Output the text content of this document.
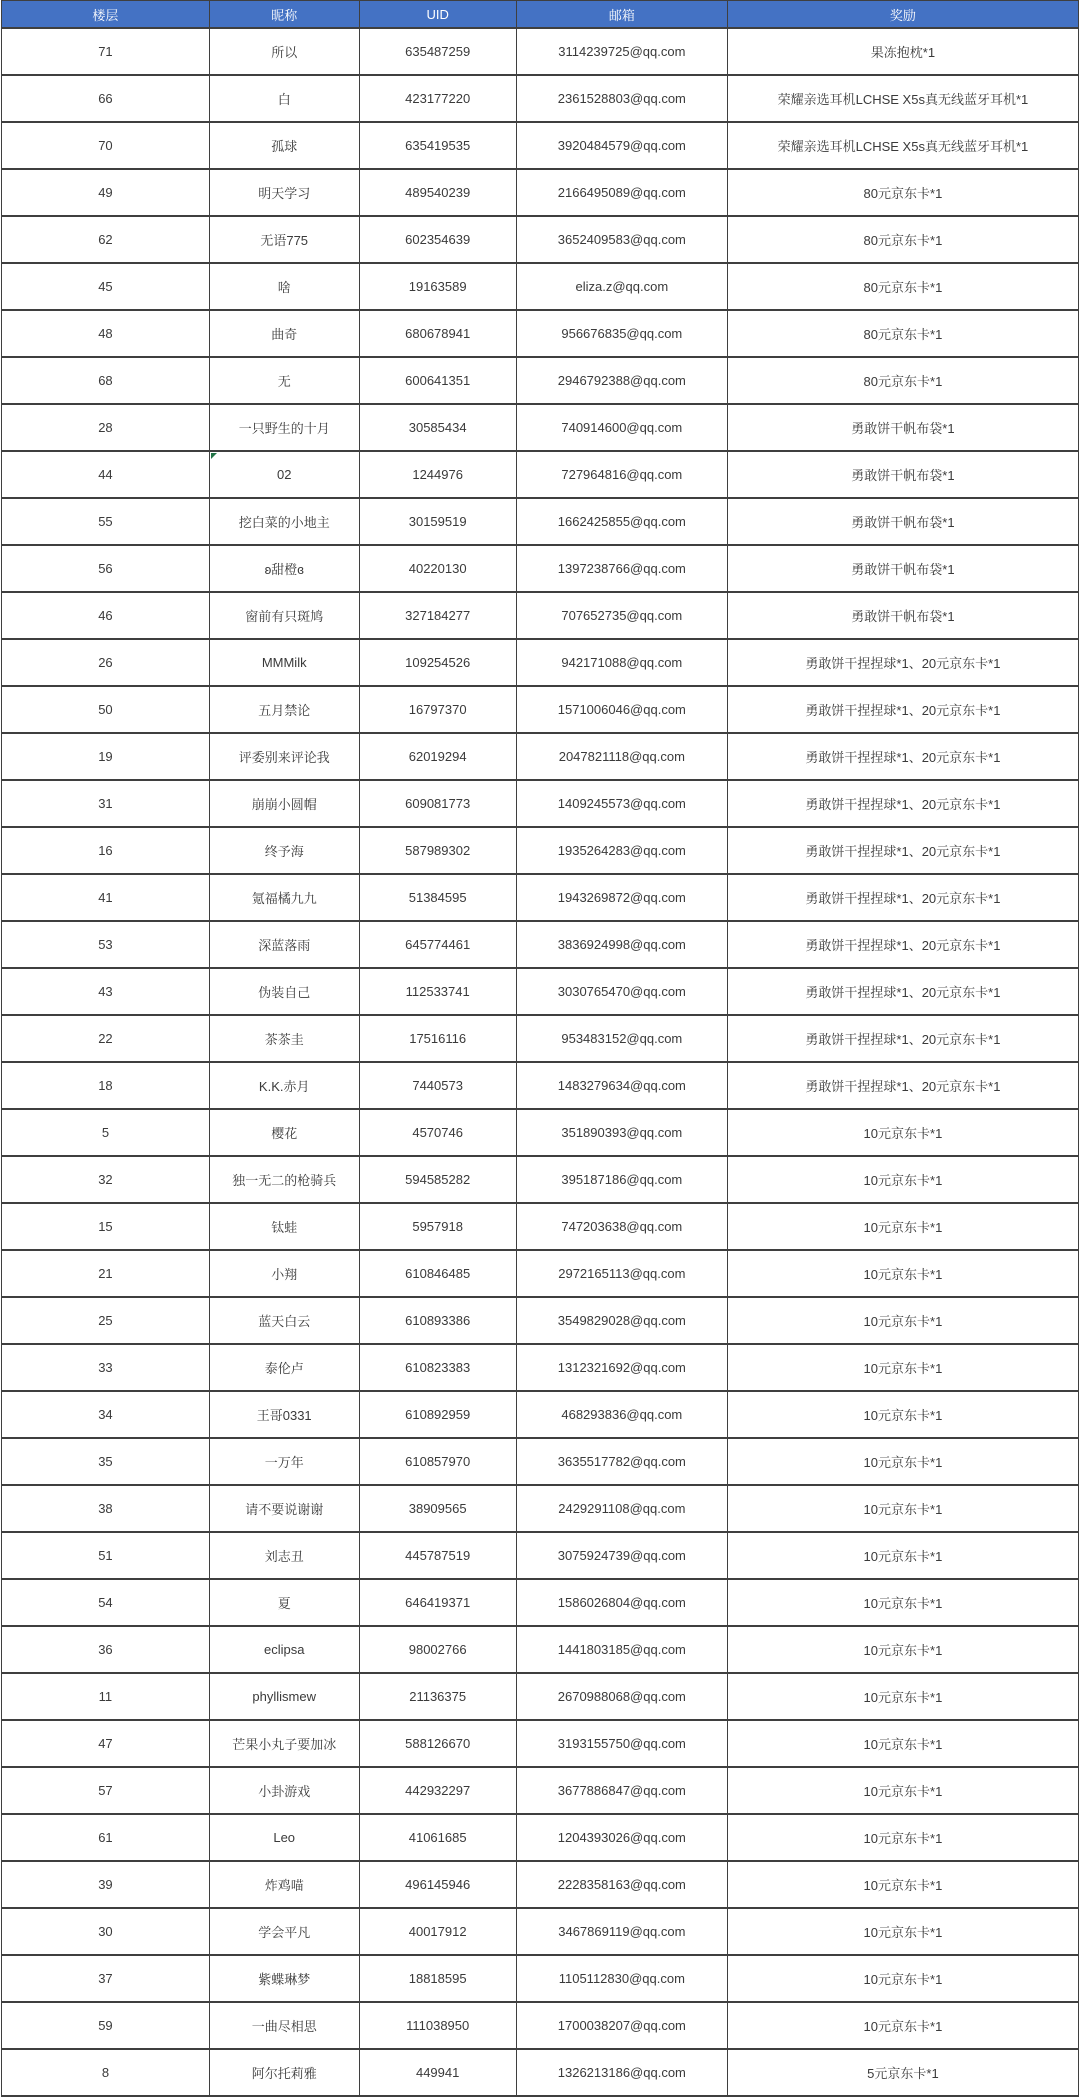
楼层	昵称	UID	邮箱	奖励
71	所以	635487259	3114239725@qq.com	果冻抱枕*1
66	白	423177220	2361528803@qq.com	荣耀亲选耳机LCHSE X5s真无线蓝牙耳机*1
70	孤球	635419535	3920484579@qq.com	荣耀亲选耳机LCHSE X5s真无线蓝牙耳机*1
49	明天学习	489540239	2166495089@qq.com	80元京东卡*1
62	无语775	602354639	3652409583@qq.com	80元京东卡*1
45	啥	19163589	eliza.z@qq.com	80元京东卡*1
48	曲奇	680678941	956676835@qq.com	80元京东卡*1
68	无	600641351	2946792388@qq.com	80元京东卡*1
28	一只野生的十月	30585434	740914600@qq.com	勇敢饼干帆布袋*1
44	02	1244976	727964816@qq.com	勇敢饼干帆布袋*1
55	挖白菜的小地主	30159519	1662425855@qq.com	勇敢饼干帆布袋*1
56	ʚ甜橙ɞ	40220130	1397238766@qq.com	勇敢饼干帆布袋*1
46	窗前有只斑鸠	327184277	707652735@qq.com	勇敢饼干帆布袋*1
26	MMMilk	109254526	942171088@qq.com	勇敢饼干捏捏球*1、20元京东卡*1
50	五月禁论	16797370	1571006046@qq.com	勇敢饼干捏捏球*1、20元京东卡*1
19	评委别来评论我	62019294	2047821118@qq.com	勇敢饼干捏捏球*1、20元京东卡*1
31	崩崩小圆帽	609081773	1409245573@qq.com	勇敢饼干捏捏球*1、20元京东卡*1
16	终予海	587989302	1935264283@qq.com	勇敢饼干捏捏球*1、20元京东卡*1
41	氪福橘九九	51384595	1943269872@qq.com	勇敢饼干捏捏球*1、20元京东卡*1
53	深蓝落雨	645774461	3836924998@qq.com	勇敢饼干捏捏球*1、20元京东卡*1
43	伪装自己	112533741	3030765470@qq.com	勇敢饼干捏捏球*1、20元京东卡*1
22	茶茶圭	17516116	953483152@qq.com	勇敢饼干捏捏球*1、20元京东卡*1
18	K.K.赤月	7440573	1483279634@qq.com	勇敢饼干捏捏球*1、20元京东卡*1
5	樱花	4570746	351890393@qq.com	10元京东卡*1
32	独一无二的枪骑兵	594585282	395187186@qq.com	10元京东卡*1
15	钛蛙	5957918	747203638@qq.com	10元京东卡*1
21	小翔	610846485	2972165113@qq.com	10元京东卡*1
25	蓝天白云	610893386	3549829028@qq.com	10元京东卡*1
33	泰伦卢	610823383	1312321692@qq.com	10元京东卡*1
34	王哥0331	610892959	468293836@qq.com	10元京东卡*1
35	一万年	610857970	3635517782@qq.com	10元京东卡*1
38	请不要说谢谢	38909565	2429291108@qq.com	10元京东卡*1
51	刘志丑	445787519	3075924739@qq.com	10元京东卡*1
54	夏	646419371	1586026804@qq.com	10元京东卡*1
36	eclipsa	98002766	1441803185@qq.com	10元京东卡*1
11	phyllismew	21136375	2670988068@qq.com	10元京东卡*1
47	芒果小丸子要加冰	588126670	3193155750@qq.com	10元京东卡*1
57	小卦游戏	442932297	3677886847@qq.com	10元京东卡*1
61	Leo	41061685	1204393026@qq.com	10元京东卡*1
39	炸鸡喵	496145946	2228358163@qq.com	10元京东卡*1
30	学会平凡	40017912	3467869119@qq.com	10元京东卡*1
37	紫蝶琳梦	18818595	1105112830@qq.com	10元京东卡*1
59	一曲尽相思	111038950	1700038207@qq.com	10元京东卡*1
8	阿尔托莉雅	449941	1326213186@qq.com	5元京东卡*1
